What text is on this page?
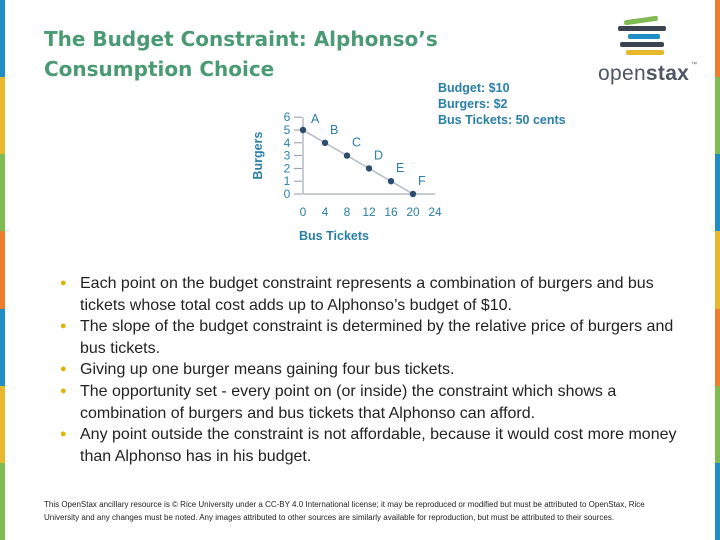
The Budget Constraint: Alphonso’s Consumption Choice	openstax ™
Budget: $10
Burgers: $2
Bus Tickets: 50 cents
0 4 8 12 16 20 24
0
1
2
3
4
5
6 A
B
C
D
E
F
Bus Tickets
Burgers
● Each point on the budget constraint represents a combination of burgers and bus tickets whose total cost adds up to Alphonso’s budget of $10.
● The slope of the budget constraint is determined by the relative price of burgers and bus tickets.
● Giving up one burger means gaining four bus tickets.
● The opportunity set - every point on (or inside) the constraint which shows a combination of burgers and bus tickets that Alphonso can afford.
● Any point outside the constraint is not affordable, because it would cost more money than Alphonso has in his budget.
This OpenStax ancillary resource is © Rice University under a CC-BY 4.0 International license; it may be reproduced or modified but must be attributed to OpenStax, Rice University and any changes must be noted. Any images attributed to other sources are similarly available for reproduction, but must be attributed to their sources.
